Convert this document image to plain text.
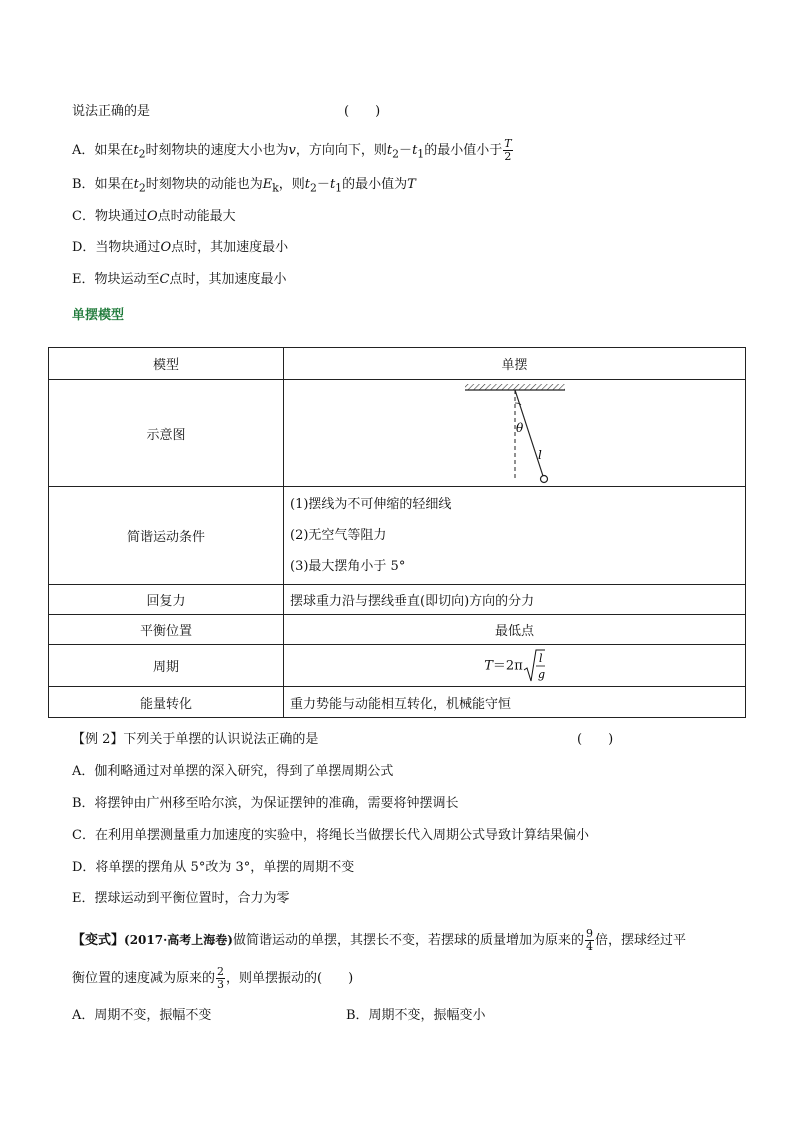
说法正确的是	(　　)
A．如果在$t_2$时刻物块的速度大小也为v，方向向下，则$t_2-t_1$的最小值小于 $\frac{T}{2}$
B．如果在$t_2$时刻物块的动能也为$E_k$，则$t_2-t_1$的最小值为T
C．物块通过O点时动能最大
D．当物块通过O点时，其加速度最小
E．物块运动至C点时，其加速度最小
单摆模型
模型	单摆
示意图	θ
l

简谐运动条件	(1)摆线为不可伸缩的轻细线
(2)无空气等阻力
(3)最大摆角小于 5°

回复力	摆球重力沿与摆线垂直(即切向)方向的分力
平衡位置	最低点
周期	T＝2π l
g

能量转化	重力势能与动能相互转化，机械能守恒
【例 2】下列关于单摆的认识说法正确的是	(　　)
A．伽利略通过对单摆的深入研究，得到了单摆周期公式
B．将摆钟由广州移至哈尔滨，为保证摆钟的准确，需要将钟摆调长
C．在利用单摆测量重力加速度的实验中，将绳长当做摆长代入周期公式导致计算结果偏小
D．将单摆的摆角从 5°改为 3°，单摆的周期不变
E．摆球运动到平衡位置时，合力为零
【变式】(2017·高考上海卷)做简谐运动的单摆，其摆长不变，若摆球的质量增加为原来的 $\frac{9}{4}$ 倍，摆球经过平
衡位置的速度减为原来的 $\frac{2}{3}$ ，则单摆振动的(　　)
A．周期不变，振幅不变	B．周期不变，振幅变小
